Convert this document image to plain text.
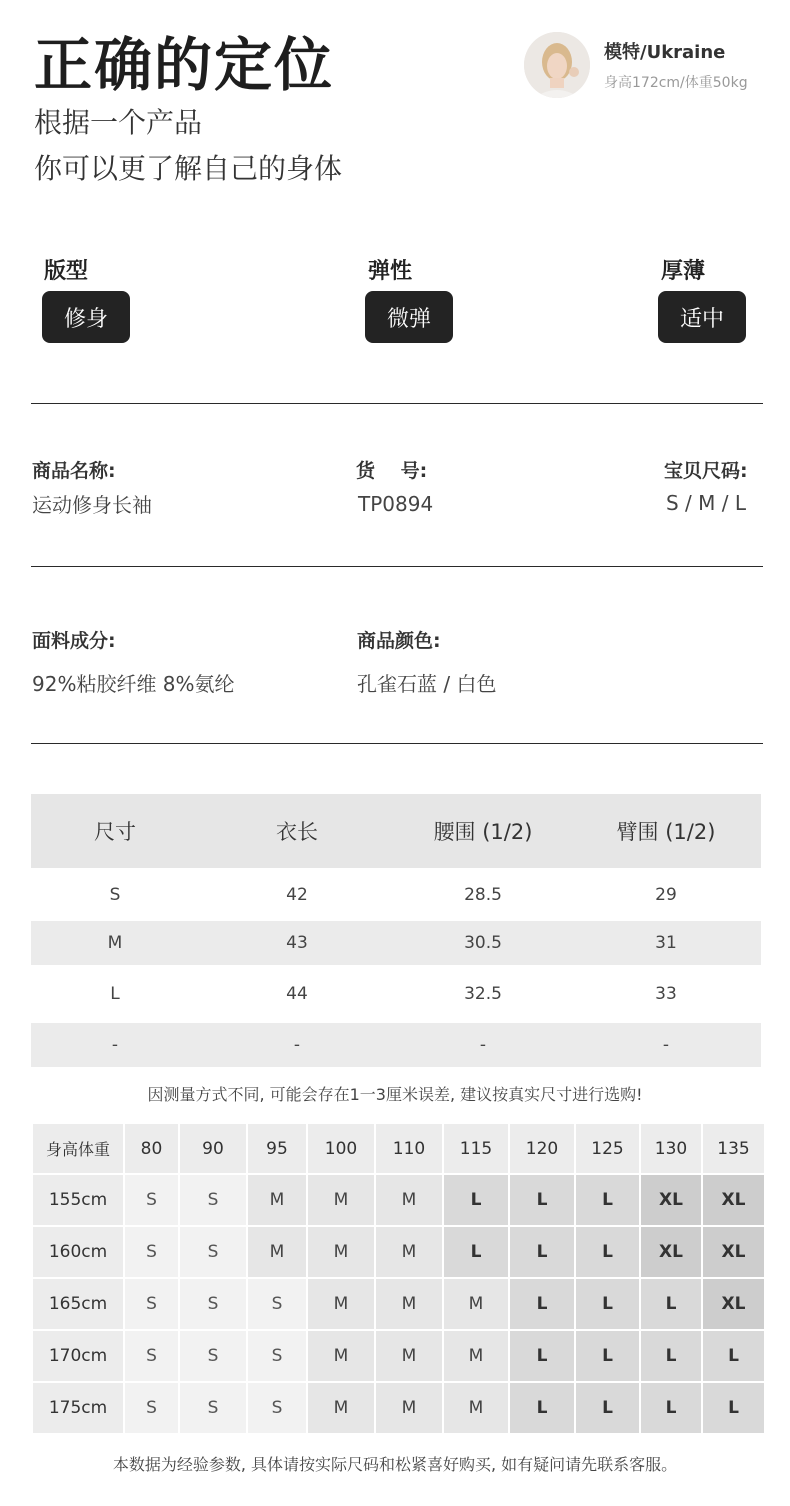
正确的定位
根据一个产品
你可以更了解自己的身体
模特/Ukraine
身高172cm/体重50kg
版型
修身
弹性
微弹
厚薄
适中
商品名称:
运动修身长袖
货　 号:
TP0894
宝贝尺码:
S / M / L
面料成分:
92%粘胶纤维 8%氨纶
商品颜色:
孔雀石蓝 / 白色
尺寸	衣长	腰围 (1/2)	臂围 (1/2)
S	42	28.5	29
M	43	30.5	31
L	44	32.5	33
-	-	-	-
因测量方式不同, 可能会存在1一3厘米误差, 建议按真实尺寸进行选购!
身高体重	80	90	95	100	110	115	120	125	130	135
155cm	S	S	M	M	M	L	L	L	XL	XL
160cm	S	S	M	M	M	L	L	L	XL	XL
165cm	S	S	S	M	M	M	L	L	L	XL
170cm	S	S	S	M	M	M	L	L	L	L
175cm	S	S	S	M	M	M	L	L	L	L
本数据为经验参数, 具体请按实际尺码和松紧喜好购买, 如有疑问请先联系客服。
